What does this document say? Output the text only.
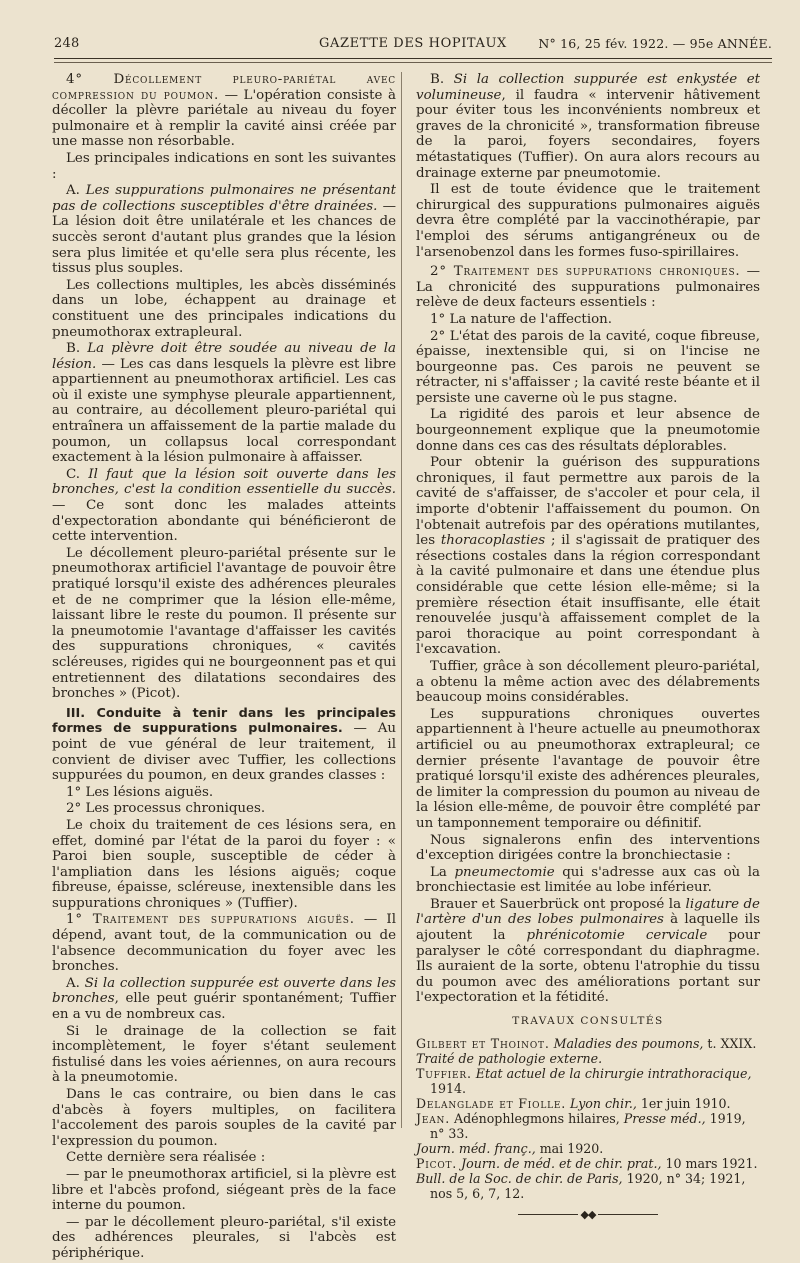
248	GAZETTE DES HOPITAUX	N° 16, 25 fév. 1922. — 95e ANNÉE.

4° Décollement pleuro-pariétal avec compression du poumon. — L'opération consiste à décoller la plèvre pariétale au niveau du foyer pulmonaire et à remplir la cavité ainsi créée par une masse non résorbable.

Les principales indications en sont les suivantes :

A. Les suppurations pulmonaires ne présentant pas de collections susceptibles d'être drainées. — La lésion doit être unilatérale et les chances de succès seront d'autant plus grandes que la lésion sera plus limitée et qu'elle sera plus récente, les tissus plus souples.

Les collections multiples, les abcès disséminés dans un lobe, échappent au drainage et constituent une des principales indications du pneumothorax extrapleural.

B. La plèvre doit être soudée au niveau de la lésion. — Les cas dans lesquels la plèvre est libre appartiennent au pneumothorax artificiel. Les cas où il existe une symphyse pleurale appartiennent, au contraire, au décollement pleuro-pariétal qui entraînera un affaissement de la partie malade du poumon, un collapsus local correspondant exactement à la lésion pulmonaire à affaisser.

C. Il faut que la lésion soit ouverte dans les bronches, c'est la condition essentielle du succès. — Ce sont donc les malades atteints d'expectoration abondante qui bénéficieront de cette intervention.

Le décollement pleuro-pariétal présente sur le pneumothorax artificiel l'avantage de pouvoir être pratiqué lorsqu'il existe des adhérences pleurales et de ne comprimer que la lésion elle-même, laissant libre le reste du poumon. Il présente sur la pneumotomie l'avantage d'affaisser les cavités des suppurations chroniques, « cavités scléreuses, rigides qui ne bourgeonnent pas et qui entretiennent des dilatations secondaires des bronches » (Picot).

III. Conduite à tenir dans les principales formes de suppurations pulmonaires. — Au point de vue général de leur traitement, il convient de diviser avec Tuffier, les collections suppurées du poumon, en deux grandes classes :

1° Les lésions aiguës.

2° Les processus chroniques.

Le choix du traitement de ces lésions sera, en effet, dominé par l'état de la paroi du foyer : « Paroi bien souple, susceptible de céder à l'ampliation dans les lésions aiguës; coque fibreuse, épaisse, scléreuse, inextensible dans les suppurations chroniques » (Tuffier).

1° Traitement des suppurations aiguës. — Il dépend, avant tout, de la communication ou de l'absence decommunication du foyer avec les bronches.

A. Si la collection suppurée est ouverte dans les bronches, elle peut guérir spontanément; Tuffier en a vu de nombreux cas.

Si le drainage de la collection se fait incomplètement, le foyer s'étant seulement fistulisé dans les voies aériennes, on aura recours à la pneumotomie.

Dans le cas contraire, ou bien dans le cas d'abcès à foyers multiples, on facilitera l'accolement des parois souples de la cavité par l'expression du poumon.

Cette dernière sera réalisée :

— par le pneumothorax artificiel, si la plèvre est libre et l'abcès profond, siégeant près de la face interne du poumon.

— par le décollement pleuro-pariétal, s'il existe des adhérences pleurales, si l'abcès est périphérique.

B. Si la collection suppurée est enkystée et volumineuse, il faudra « intervenir hâtivement pour éviter tous les inconvénients nombreux et graves de la chronicité », transformation fibreuse de la paroi, foyers secondaires, foyers métastatiques (Tuffier). On aura alors recours au drainage externe par pneumotomie.

Il est de toute évidence que le traitement chirurgical des suppurations pulmonaires aiguës devra être complété par la vaccinothérapie, par l'emploi des sérums antigangréneux ou de l'arsenobenzol dans les formes fuso-spirillaires.

2° Traitement des suppurations chroniques. — La chronicité des suppurations pulmonaires relève de deux facteurs essentiels :

1° La nature de l'affection.

2° L'état des parois de la cavité, coque fibreuse, épaisse, inextensible qui, si on l'incise ne bourgeonne pas. Ces parois ne peuvent se rétracter, ni s'affaisser ; la cavité reste béante et il persiste une caverne où le pus stagne.

La rigidité des parois et leur absence de bourgeonnement explique que la pneumotomie donne dans ces cas des résultats déplorables.

Pour obtenir la guérison des suppurations chroniques, il faut permettre aux parois de la cavité de s'affaisser, de s'accoler et pour cela, il importe d'obtenir l'affaissement du poumon. On l'obtenait autrefois par des opérations mutilantes, les thoracoplasties ; il s'agissait de pratiquer des résections costales dans la région correspondant à la cavité pulmonaire et dans une étendue plus considérable que cette lésion elle-même; si la première résection était insuffisante, elle était renouvelée jusqu'à affaissement complet de la paroi thoracique au point correspondant à l'excavation.

Tuffier, grâce à son décollement pleuro-pariétal, a obtenu la même action avec des délabrements beaucoup moins considérables.

Les suppurations chroniques ouvertes appartiennent à l'heure actuelle au pneumothorax artificiel ou au pneumothorax extrapleural; ce dernier présente l'avantage de pouvoir être pratiqué lorsqu'il existe des adhérences pleurales, de limiter la compression du poumon au niveau de la lésion elle-même, de pouvoir être complété par un tamponnement temporaire ou définitif.

Nous signalerons enfin des interventions d'exception dirigées contre la bronchiectasie :

La pneumectomie qui s'adresse aux cas où la bronchiectasie est limitée au lobe inférieur.

Brauer et Sauerbrück ont proposé la ligature de l'artère d'un des lobes pulmonaires à laquelle ils ajoutent la phrénicotomie cervicale pour paralyser le côté correspondant du diaphragme. Ils auraient de la sorte, obtenu l'atrophie du tissu du poumon avec des améliorations portant sur l'expectoration et la fétidité.

TRAVAUX CONSULTÉS

Gilbert et Thoinot. Maladies des poumons, t. XXIX.

Traité de pathologie externe.

Tuffier. Etat actuel de la chirurgie intrathoracique, 1914.

Delanglade et Fiolle. Lyon chir., 1er juin 1910.

Jean. Adénophlegmons hilaires, Presse méd., 1919, n° 33.

Journ. méd. franç., mai 1920.

Picot. Journ. de méd. et de chir. prat., 10 mars 1921.

Bull. de la Soc. de chir. de Paris, 1920, n° 34; 1921, nos 5, 6, 7, 12.

◆◆
